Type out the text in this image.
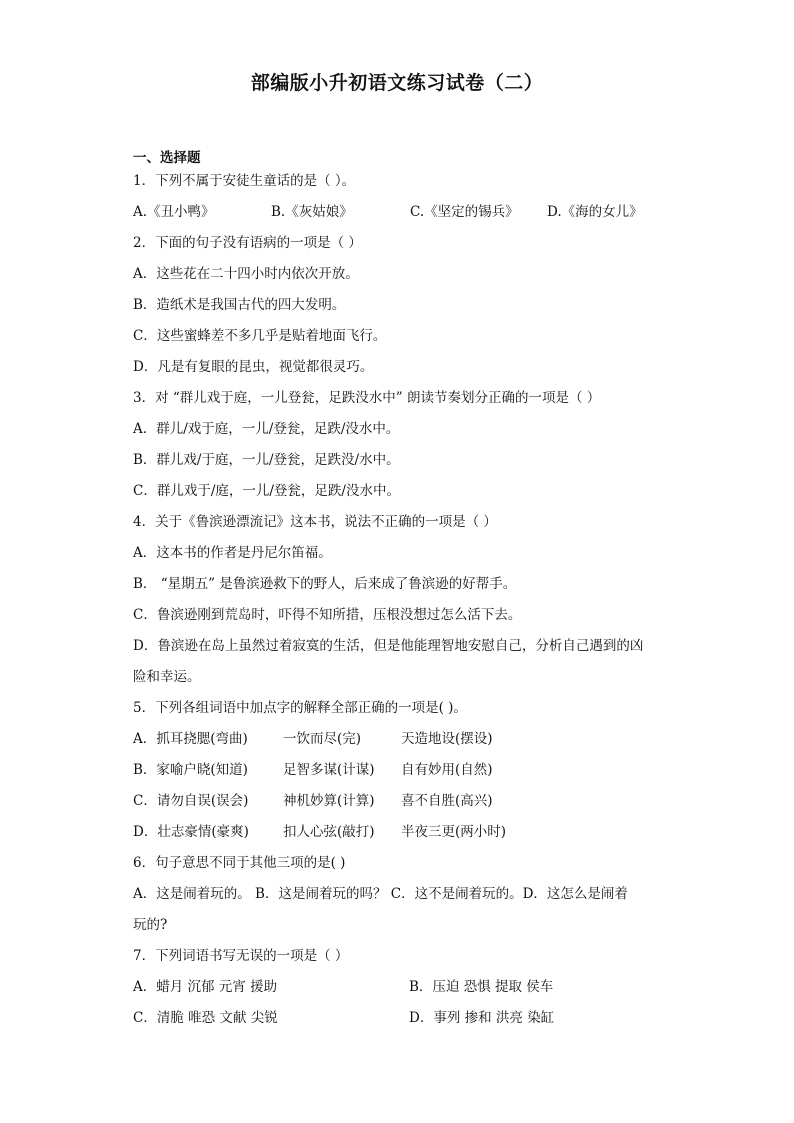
部编版小升初语文练习试卷（二）
一、选择题
1．下列不属于安徒生童话的是（ ）。
A.《丑小鸭》	B.《灰姑娘》	C.《坚定的锡兵》	D.《海的女儿》
2．下面的句子没有语病的一项是（ ）
A．这些花在二十四小时内依次开放。
B．造纸术是我国古代的四大发明。
C．这些蜜蜂差不多几乎是贴着地面飞行。
D．凡是有复眼的昆虫，视觉都很灵巧。
3．对 “群儿戏于庭，一儿登瓮，足跌没水中” 朗读节奏划分正确的一项是（ ）
A．群儿/戏于庭，一儿/登瓮，足跌/没水中。
B．群儿戏/于庭，一儿/登瓮，足跌没/水中。
C．群儿戏于/庭，一儿/登瓮，足跌/没水中。
4．关于《鲁滨逊漂流记》这本书，说法不正确的一项是（ ）
A．这本书的作者是丹尼尔笛福。
B． “星期五” 是鲁滨逊救下的野人，后来成了鲁滨逊的好帮手。
C．鲁滨逊刚到荒岛时，吓得不知所措，压根没想过怎么活下去。
D．鲁滨逊在岛上虽然过着寂寞的生活，但是他能理智地安慰自己，分析自己遇到的凶
险和幸运。
5．下列各组词语中加点字的解释全部正确的一项是( )。
A．抓耳挠腮(弯曲)	一饮而尽(完)	天造地设(摆设)
B．家喻户晓(知道)	足智多谋(计谋)	自有妙用(自然)
C．请勿自误(误会)	神机妙算(计算)	喜不自胜(高兴)
D．壮志豪情(豪爽)	扣人心弦(敲打)	半夜三更(两小时)
6．句子意思不同于其他三项的是( )
A．这是闹着玩的。 B．这是闹着玩的吗？ C．这不是闹着玩的。D．这怎么是闹着
玩的?
7．下列词语书写无误的一项是（ ）
A．蜡月 沉郁 元宵 援助	B．压迫 恐惧 提取 侯车
C．清脆 唯恐 文献 尖锐	D．事列 掺和 洪亮 染缸
